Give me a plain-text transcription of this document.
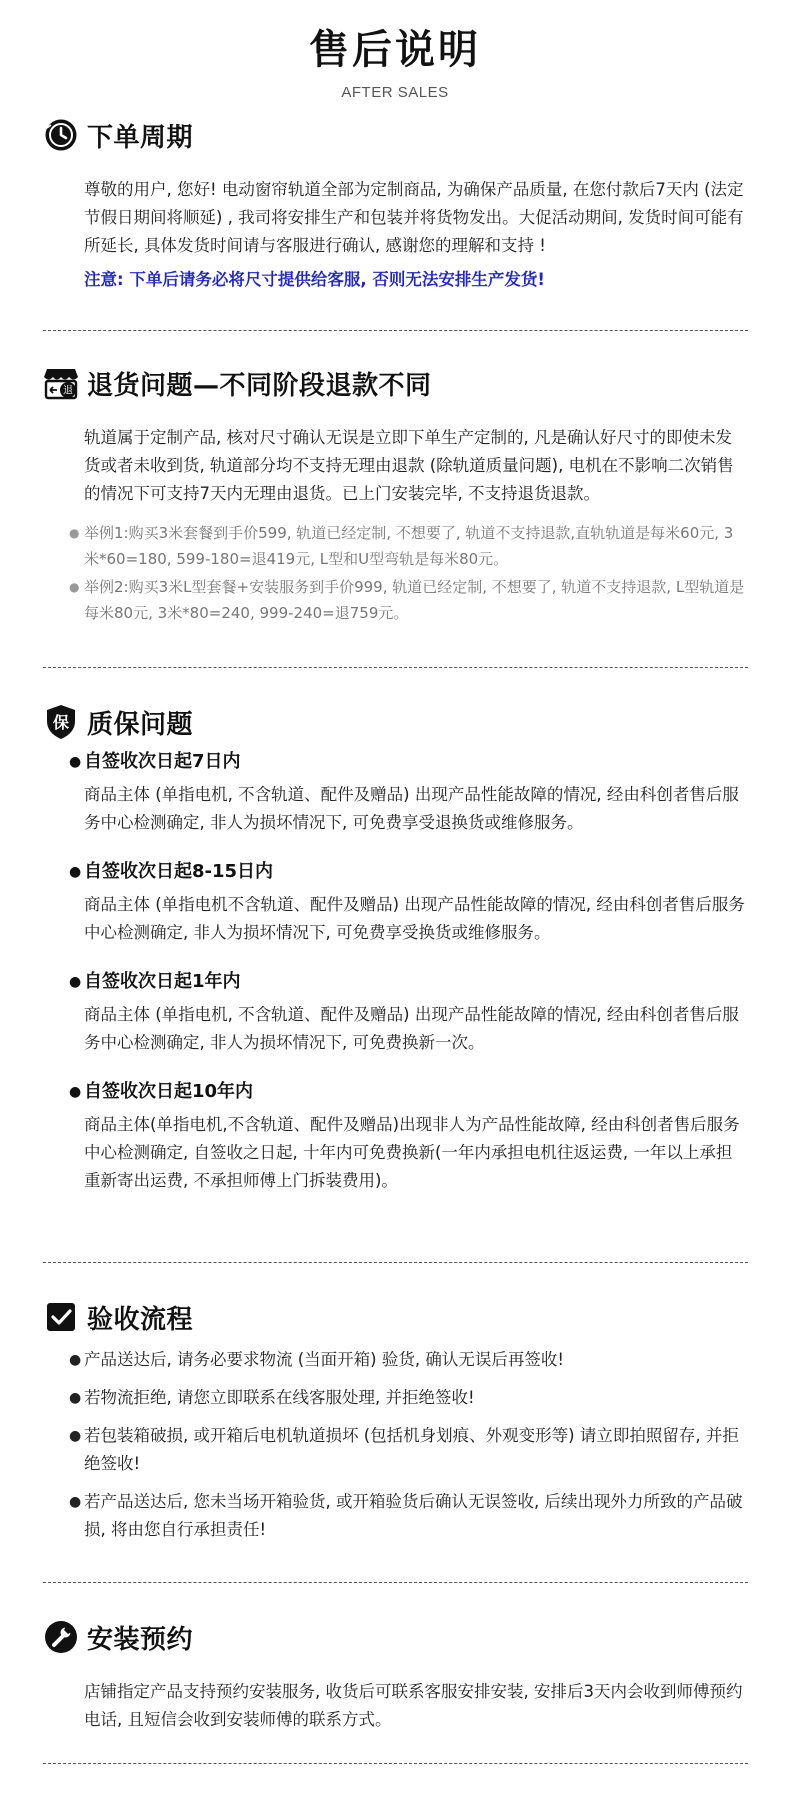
售后说明
AFTER SALES
下单周期
尊敬的用户, 您好! 电动窗帘轨道全部为定制商品, 为确保产品质量, 在您付款后7天内 (法定节假日期间将顺延) , 我司将安排生产和包装并将货物发出。大促活动期间, 发货时间可能有所延长, 具体发货时间请与客服进行确认, 感谢您的理解和支持 !
注意: 下单后请务必将尺寸提供给客服, 否则无法安排生产发货!
退 退货问题—不同阶段退款不同
轨道属于定制产品, 核对尺寸确认无误是立即下单生产定制的, 凡是确认好尺寸的即使未发货或者未收到货, 轨道部分均不支持无理由退款 (除轨道质量问题), 电机在不影响二次销售的情况下可支持7天内无理由退货。已上门安装完毕, 不支持退货退款。
● 举例1:购买3米套餐到手价599, 轨道已经定制, 不想要了, 轨道不支持退款,直轨轨道是每米60元, 3米*60=180, 599-180=退419元, L型和U型弯轨是每米80元。
● 举例2:购买3米L型套餐+安装服务到手价999, 轨道已经定制, 不想要了, 轨道不支持退款, L型轨道是每米80元, 3米*80=240, 999-240=退759元。
保 质保问题
● 自签收次日起7日内
商品主体 (单指电机, 不含轨道、配件及赠品) 出现产品性能故障的情况, 经由科创者售后服务中心检测确定, 非人为损坏情况下, 可免费享受退换货或维修服务。
● 自签收次日起8-15日内
商品主体 (单指电机不含轨道、配件及赠品) 出现产品性能故障的情况, 经由科创者售后服务中心检测确定, 非人为损坏情况下, 可免费享受换货或维修服务。
● 自签收次日起1年内
商品主体 (单指电机, 不含轨道、配件及赠品) 出现产品性能故障的情况, 经由科创者售后服务中心检测确定, 非人为损坏情况下, 可免费换新一次。
● 自签收次日起10年内
商品主体(单指电机,不含轨道、配件及赠品)出现非人为产品性能故障, 经由科创者售后服务中心检测确定, 自签收之日起, 十年内可免费换新(一年内承担电机往返运费, 一年以上承担重新寄出运费, 不承担师傅上门拆装费用)。
验收流程
● 产品送达后, 请务必要求物流 (当面开箱) 验货, 确认无误后再签收!
● 若物流拒绝, 请您立即联系在线客服处理, 并拒绝签收!
● 若包装箱破损, 或开箱后电机轨道损坏 (包括机身划痕、外观变形等) 请立即拍照留存, 并拒绝签收!
● 若产品送达后, 您未当场开箱验货, 或开箱验货后确认无误签收, 后续出现外力所致的产品破损, 将由您自行承担责任!
安装预约
店铺指定产品支持预约安装服务, 收货后可联系客服安排安装, 安排后3天内会收到师傅预约电话, 且短信会收到安装师傅的联系方式。
